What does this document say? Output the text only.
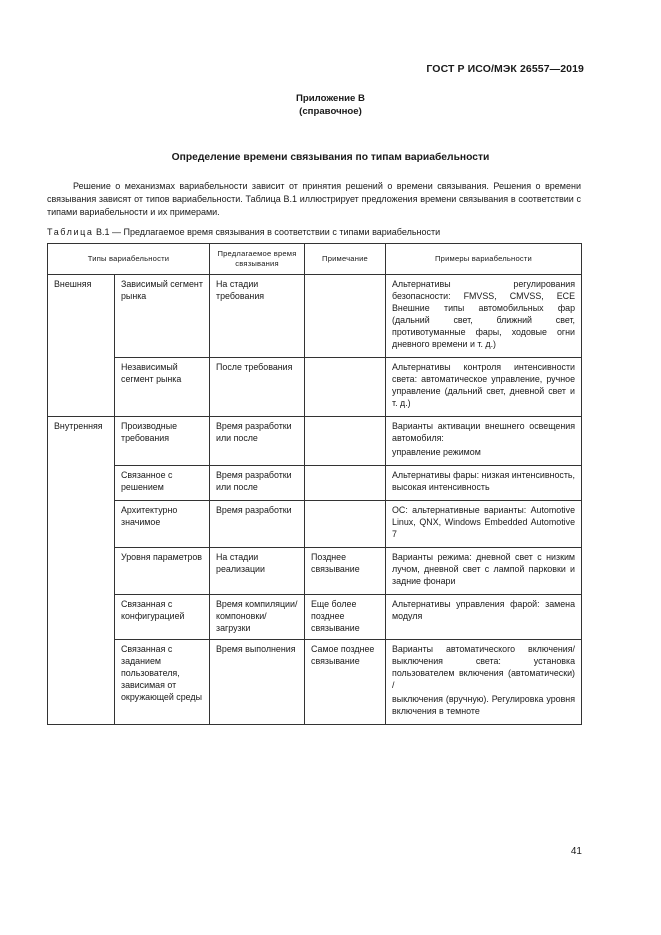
ГОСТ Р ИСО/МЭК 26557—2019
Приложение В
(справочное)
Определение времени связывания по типам вариабельности

Решение о механизмах вариабельности зависит от принятия решений о времени связывания. Решения о времени связывания зависят от типов вариабельности. Таблица В.1 иллюстрирует предложения времени связывания в соответствии с типами вариабельности и их примерами.

Таблица В.1 — Предлагаемое время связывания в соответствии с типами вариабельности
Типы вариабельности		Предлагаемое время связывания	Примечание	Примеры вариабельности
Внешняя	Зависимый сегмент рынка	На стадии требования		Альтернативы регулирования безопасности: FMVSS, CMVSS, ECE Внешние типы автомобильных фар (дальний свет, ближний свет, противотуманные фары, ходовые огни дневного времени и т. д.)

	Независимый сегмент рынка	После требования		Альтернативы контроля интенсивности света: автоматическое управление, ручное управление (дальний свет, дневной свет и т. д.)

Внутренняя	Производные требования	Время разработки или после		Варианты активации внешнего освещения автомобиля:
управление режимом

	Связанное с решением	Время разработки или после		Альтернативы фары: низкая интенсивность, высокая интенсивность

	Архитектурно значимое	Время разработки		ОС: альтернативные варианты: Automotive Linux, QNX, Windows Embedded Automotive 7

	Уровня параметров	На стадии реализации	Позднее связывание	Варианты режима: дневной свет с низким лучом, дневной свет с лампой парковки и задние фонари

	Связанная с конфигурацией	Время компиляции/компоновки/загрузки	Еще более позднее связывание	Альтернативы управления фарой: замена модуля

	Связанная с заданием пользователя, зависимая от окружающей среды	Время выполнения	Самое позднее связывание	Варианты автоматического включения/выключения света: установка пользователем включения (автоматически) /
выключения (вручную). Регулировка уровня включения в темноте
41
